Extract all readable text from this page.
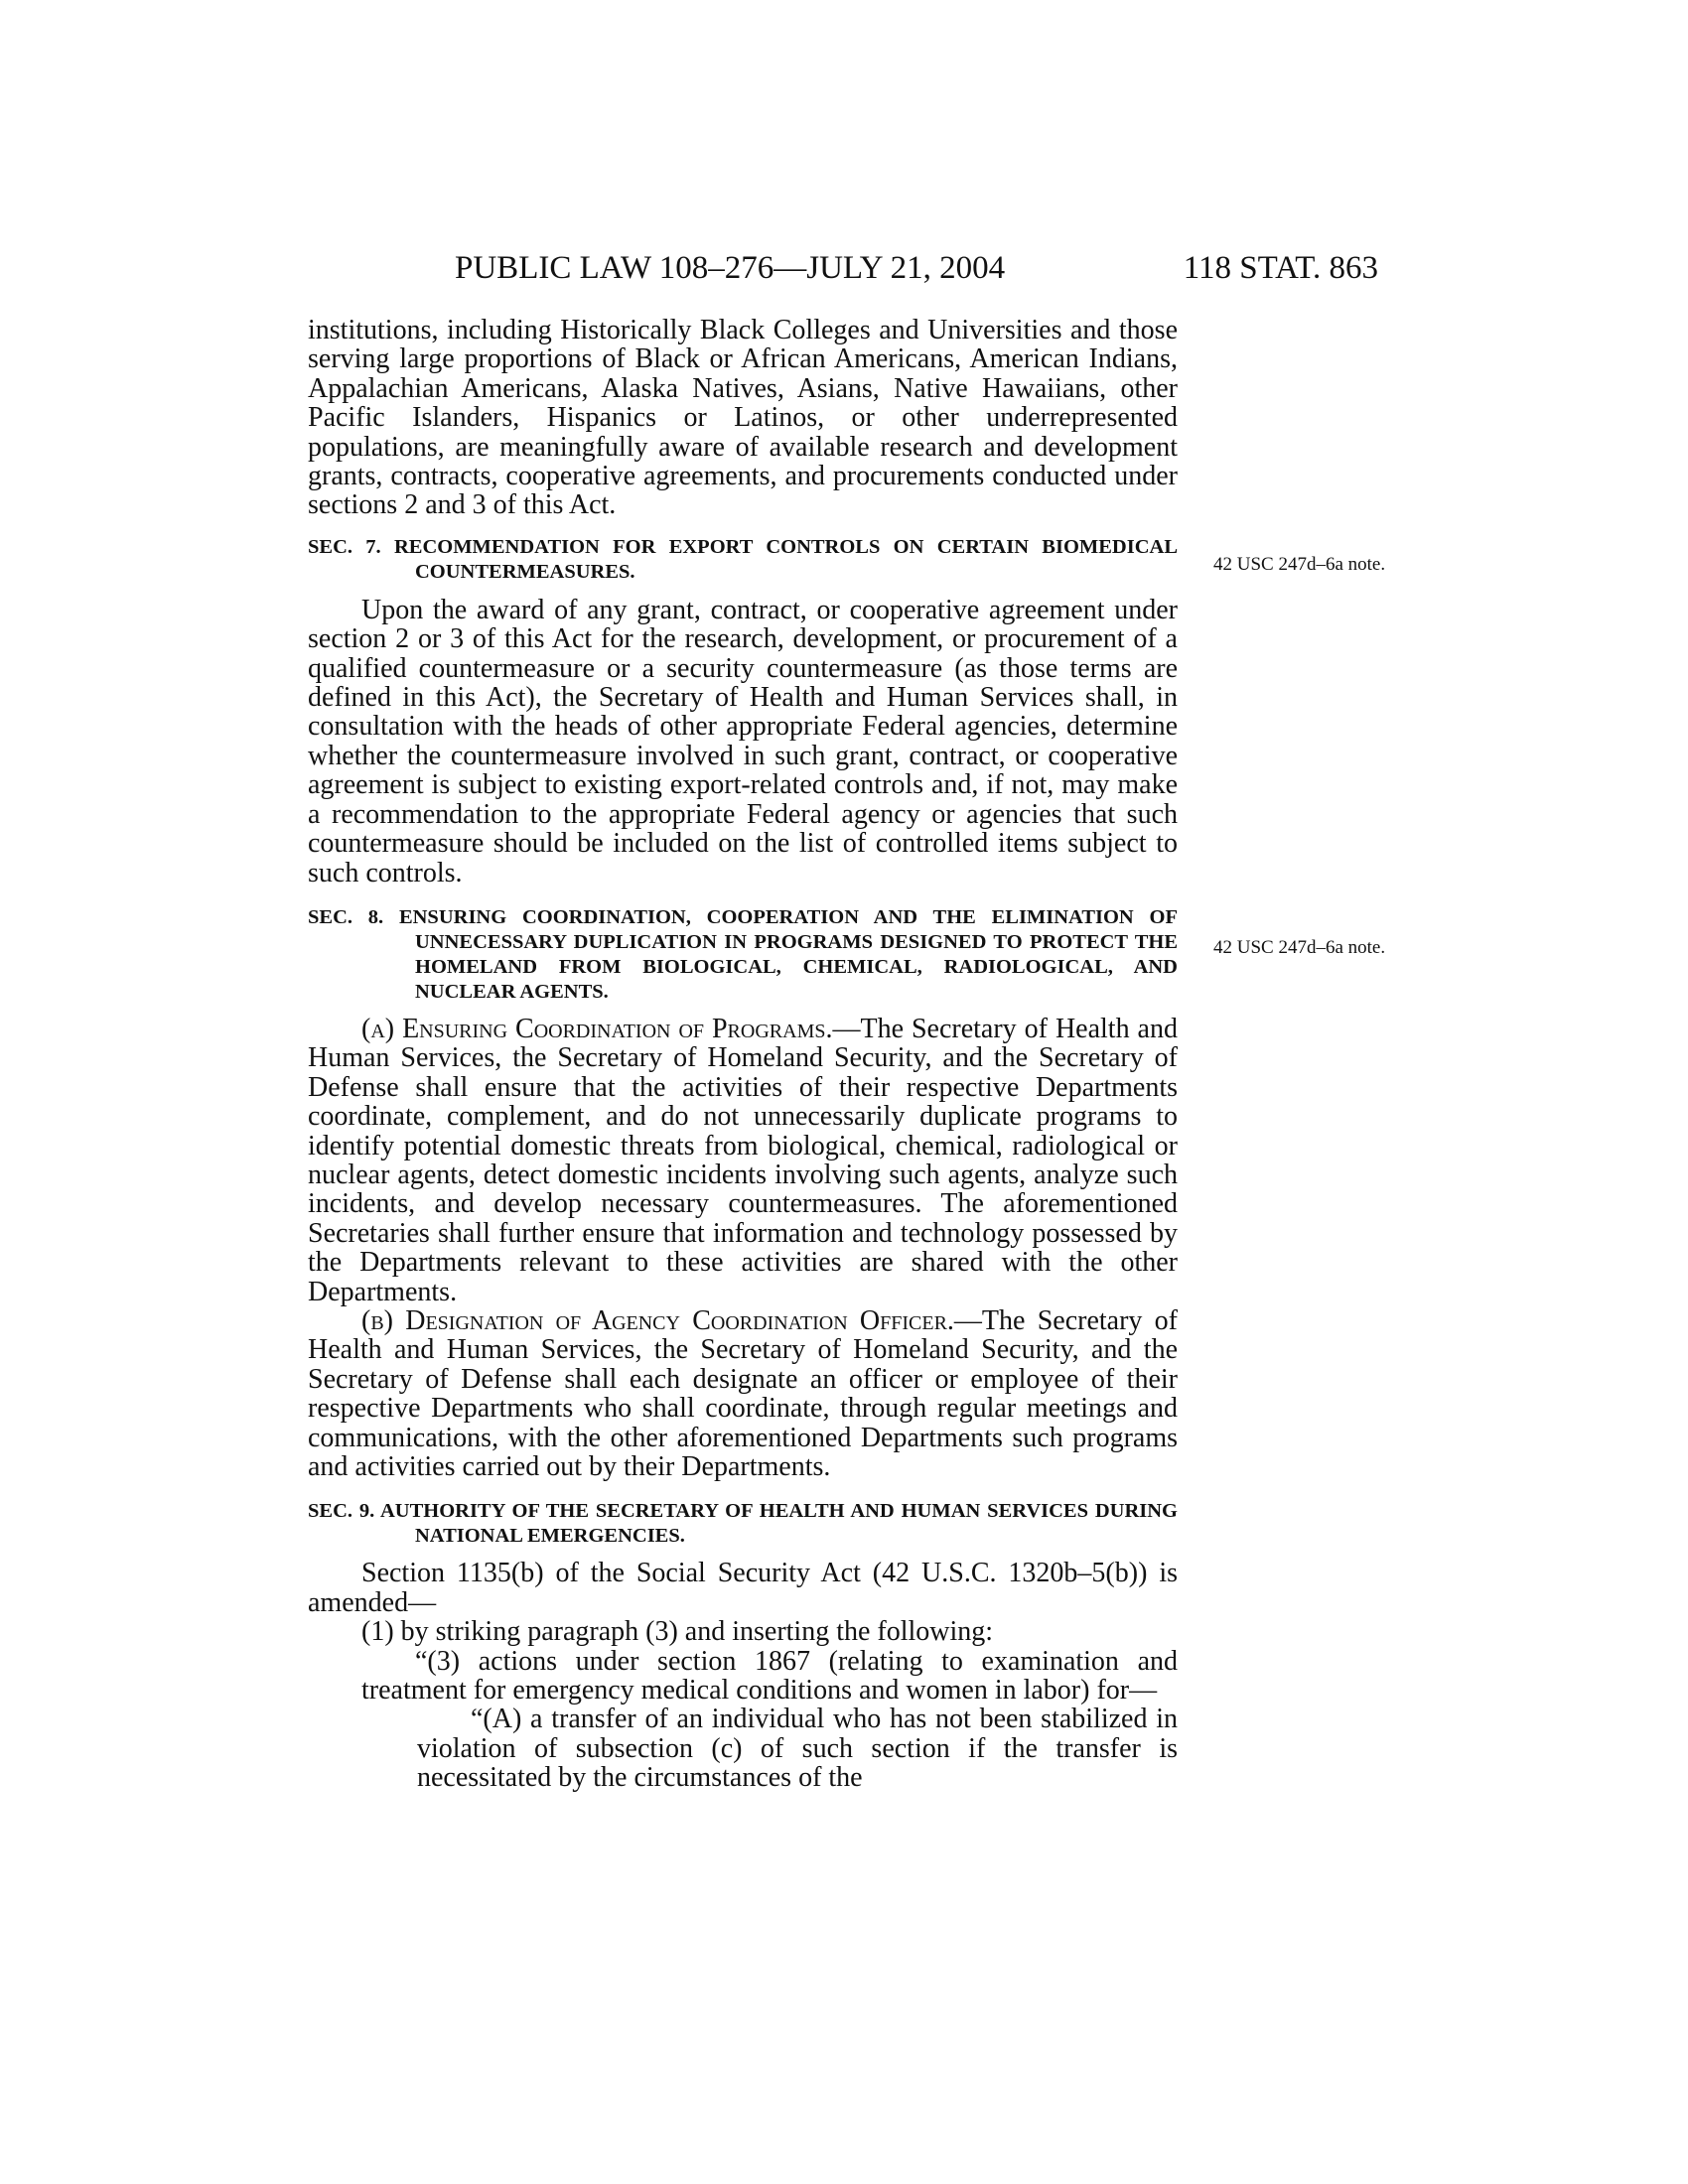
PUBLIC LAW 108–276—JULY 21, 2004	118 STAT. 863
42 USC 247d–6a note.
42 USC 247d–6a note.

institutions, including Historically Black Colleges and Universities and those serving large proportions of Black or African Americans, American Indians, Appalachian Americans, Alaska Natives, Asians, Native Hawaiians, other Pacific Islanders, Hispanics or Latinos, or other underrepresented populations, are meaningfully aware of available research and development grants, contracts, cooperative agreements, and procurements conducted under sections 2 and 3 of this Act.

SEC. 7. RECOMMENDATION FOR EXPORT CONTROLS ON CERTAIN BIOMEDICAL COUNTERMEASURES.

Upon the award of any grant, contract, or cooperative agreement under section 2 or 3 of this Act for the research, development, or procurement of a qualified countermeasure or a security countermeasure (as those terms are defined in this Act), the Secretary of Health and Human Services shall, in consultation with the heads of other appropriate Federal agencies, determine whether the countermeasure involved in such grant, contract, or cooperative agreement is subject to existing export-related controls and, if not, may make a recommendation to the appropriate Federal agency or agencies that such countermeasure should be included on the list of controlled items subject to such controls.

SEC. 8. ENSURING COORDINATION, COOPERATION AND THE ELIMINATION OF UNNECESSARY DUPLICATION IN PROGRAMS DESIGNED TO PROTECT THE HOMELAND FROM BIOLOGICAL, CHEMICAL, RADIOLOGICAL, AND NUCLEAR AGENTS.

(a) Ensuring Coordination of Programs.—The Secretary of Health and Human Services, the Secretary of Homeland Security, and the Secretary of Defense shall ensure that the activities of their respective Departments coordinate, complement, and do not unnecessarily duplicate programs to identify potential domestic threats from biological, chemical, radiological or nuclear agents, detect domestic incidents involving such agents, analyze such incidents, and develop necessary countermeasures. The aforementioned Secretaries shall further ensure that information and technology possessed by the Departments relevant to these activities are shared with the other Departments.

(b) Designation of Agency Coordination Officer.—The Secretary of Health and Human Services, the Secretary of Homeland Security, and the Secretary of Defense shall each designate an officer or employee of their respective Departments who shall coordinate, through regular meetings and communications, with the other aforementioned Departments such programs and activities carried out by their Departments.

SEC. 9. AUTHORITY OF THE SECRETARY OF HEALTH AND HUMAN SERVICES DURING NATIONAL EMERGENCIES.

Section 1135(b) of the Social Security Act (42 U.S.C. 1320b–5(b)) is amended—

(1) by striking paragraph (3) and inserting the following:

“(3) actions under section 1867 (relating to examination and treatment for emergency medical conditions and women in labor) for—

“(A) a transfer of an individual who has not been stabilized in violation of subsection (c) of such section if the transfer is necessitated by the circumstances of the
